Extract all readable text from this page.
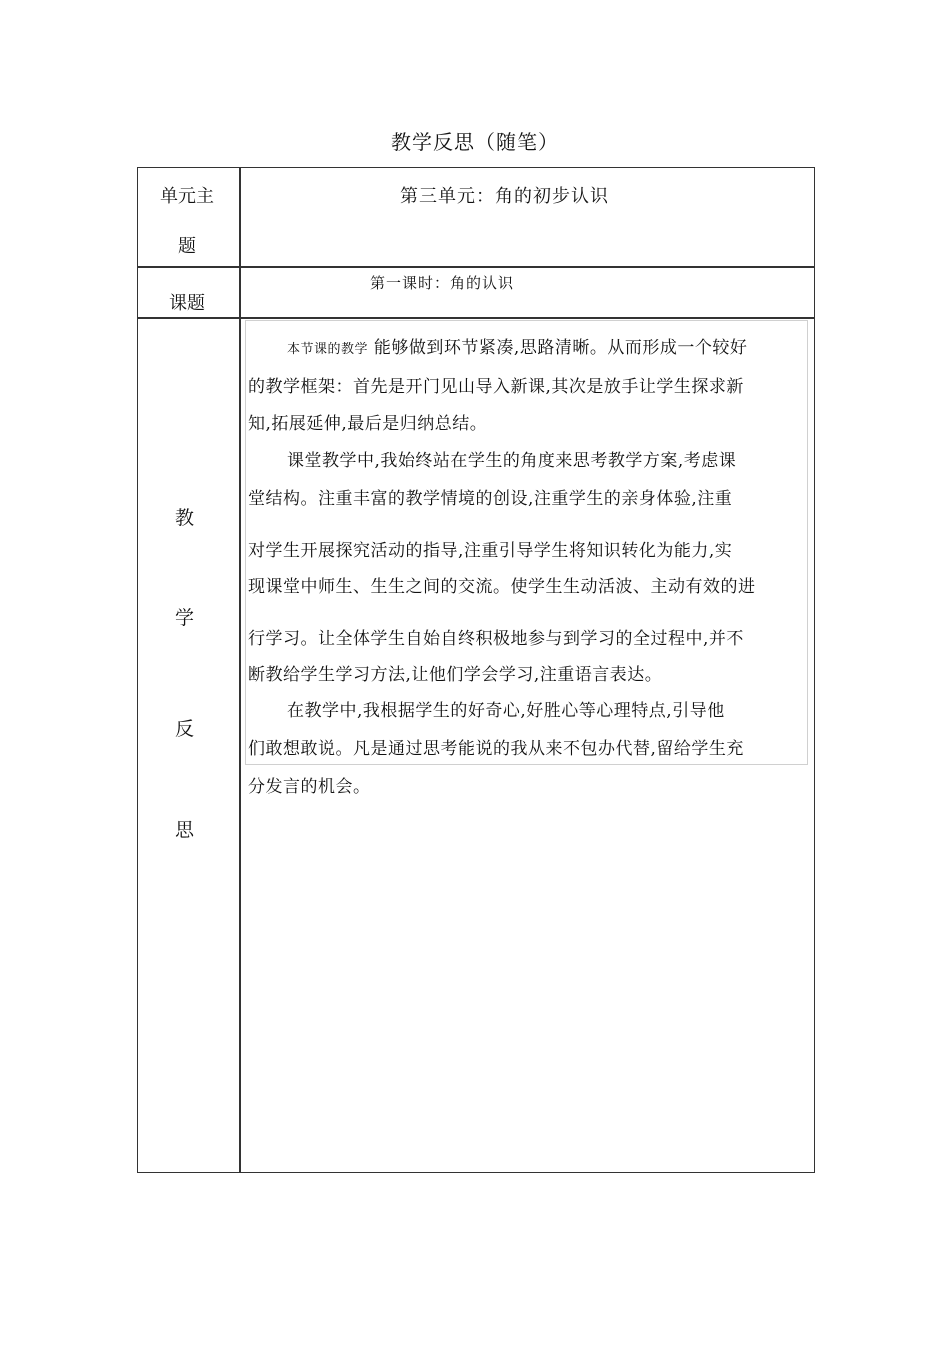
教学反思（随笔）
单元主
题
第三单元：角的初步认识
课题
第一课时：角的认识
教
学
反
思
本节课的教学 能够做到环节紧凑,思路清晰。从而形成一个较好
的教学框架：首先是开门见山导入新课,其次是放手让学生探求新
知,拓展延伸,最后是归纳总结。
课堂教学中,我始终站在学生的角度来思考教学方案,考虑课
堂结构。注重丰富的教学情境的创设,注重学生的亲身体验,注重
对学生开展探究活动的指导,注重引导学生将知识转化为能力,实
现课堂中师生、生生之间的交流。使学生生动活波、主动有效的进
行学习。让全体学生自始自终积极地参与到学习的全过程中,并不
断教给学生学习方法,让他们学会学习,注重语言表达。
在教学中,我根据学生的好奇心,好胜心等心理特点,引导他
们敢想敢说。凡是通过思考能说的我从来不包办代替,留给学生充
分发言的机会。
